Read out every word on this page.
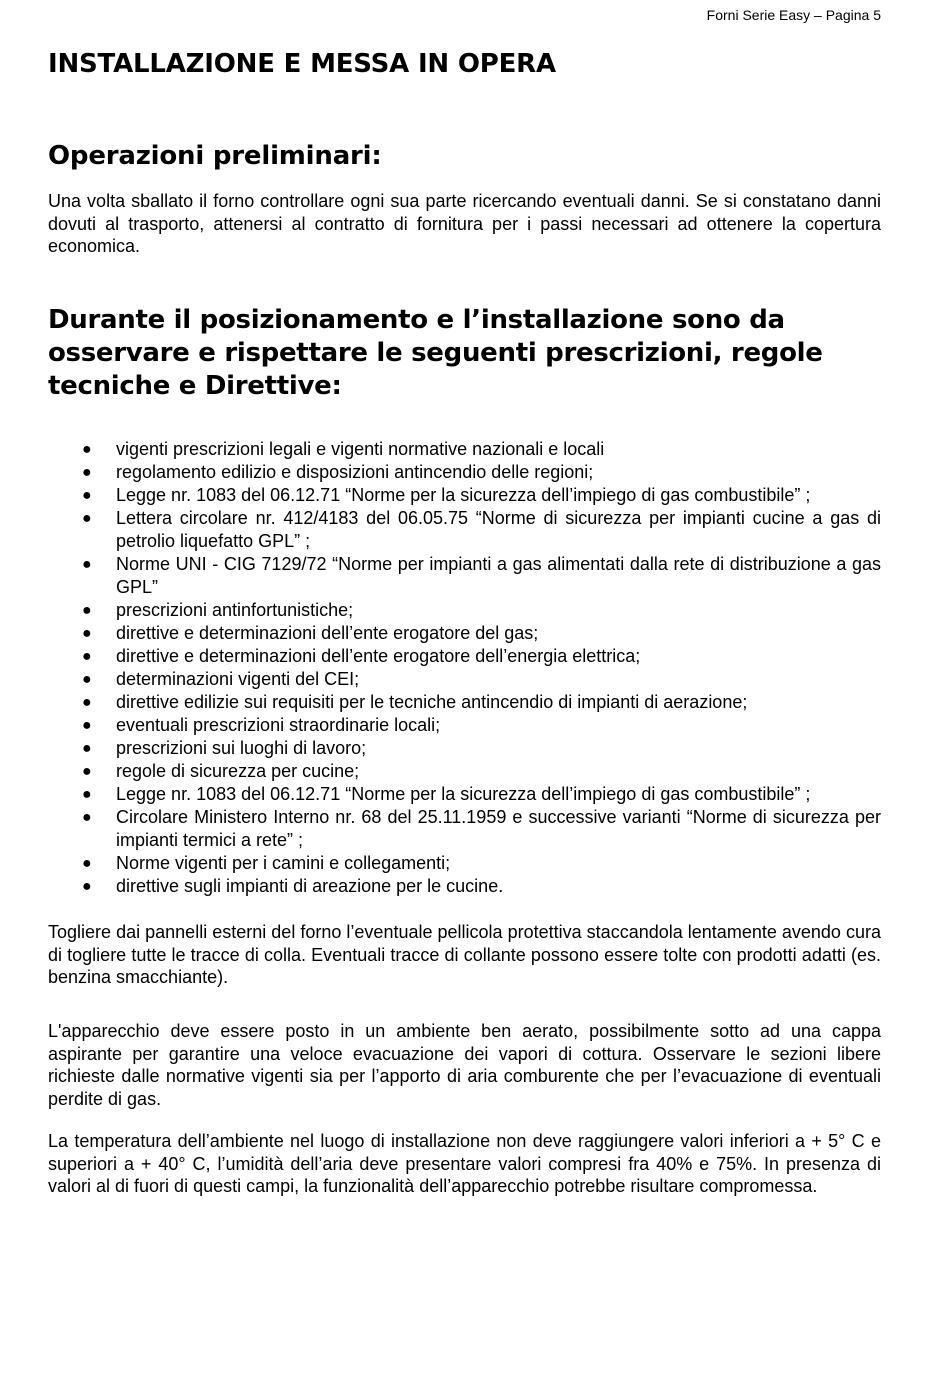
Forni Serie Easy – Pagina 5
INSTALLAZIONE E MESSA IN OPERA
Operazioni preliminari:

Una volta sballato il forno controllare ogni sua parte ricercando eventuali danni. Se si constatano danni dovuti al trasporto, attenersi al contratto di fornitura per i passi necessari ad ottenere la copertura economica.

Durante il posizionamento e l’installazione sono da osservare e rispettare le seguenti prescrizioni, regole tecniche e Direttive:
● vigenti prescrizioni legali e vigenti normative nazionali e locali
● regolamento edilizio e disposizioni antincendio delle regioni;
● Legge nr. 1083 del 06.12.71 “Norme per la sicurezza dell’impiego di gas combustibile” ;
● Lettera circolare nr. 412/4183 del 06.05.75 “Norme di sicurezza per impianti cucine a gas di petrolio liquefatto GPL” ;
● Norme UNI - CIG 7129/72 “Norme per impianti a gas alimentati dalla rete di distribuzione a gas GPL”
● prescrizioni antinfortunistiche;
● direttive e determinazioni dell’ente erogatore del gas;
● direttive e determinazioni dell’ente erogatore dell’energia elettrica;
● determinazioni vigenti del CEI;
● direttive edilizie sui requisiti per le tecniche antincendio di impianti di aerazione;
● eventuali prescrizioni straordinarie locali;
● prescrizioni sui luoghi di lavoro;
● regole di sicurezza per cucine;
● Legge nr. 1083 del 06.12.71 “Norme per la sicurezza dell’impiego di gas combustibile” ;
● Circolare Ministero Interno nr. 68 del 25.11.1959 e successive varianti “Norme di sicurezza per impianti termici a rete” ;
● Norme vigenti per i camini e collegamenti;
● direttive sugli impianti di areazione per le cucine.

Togliere dai pannelli esterni del forno l’eventuale pellicola protettiva staccandola lentamente avendo cura di togliere tutte le tracce di colla. Eventuali tracce di collante possono essere tolte con prodotti adatti (es. benzina smacchiante).

L'apparecchio deve essere posto in un ambiente ben aerato, possibilmente sotto ad una cappa aspirante per garantire una veloce evacuazione dei vapori di cottura. Osservare le sezioni libere richieste dalle normative vigenti sia per l’apporto di aria comburente che per l’evacuazione di eventuali perdite di gas.

La temperatura dell’ambiente nel luogo di installazione non deve raggiungere valori inferiori a + 5° C e superiori a + 40° C, l’umidità dell’aria deve presentare valori compresi fra 40% e 75%. In presenza di valori al di fuori di questi campi, la funzionalità dell’apparecchio potrebbe risultare compromessa.
